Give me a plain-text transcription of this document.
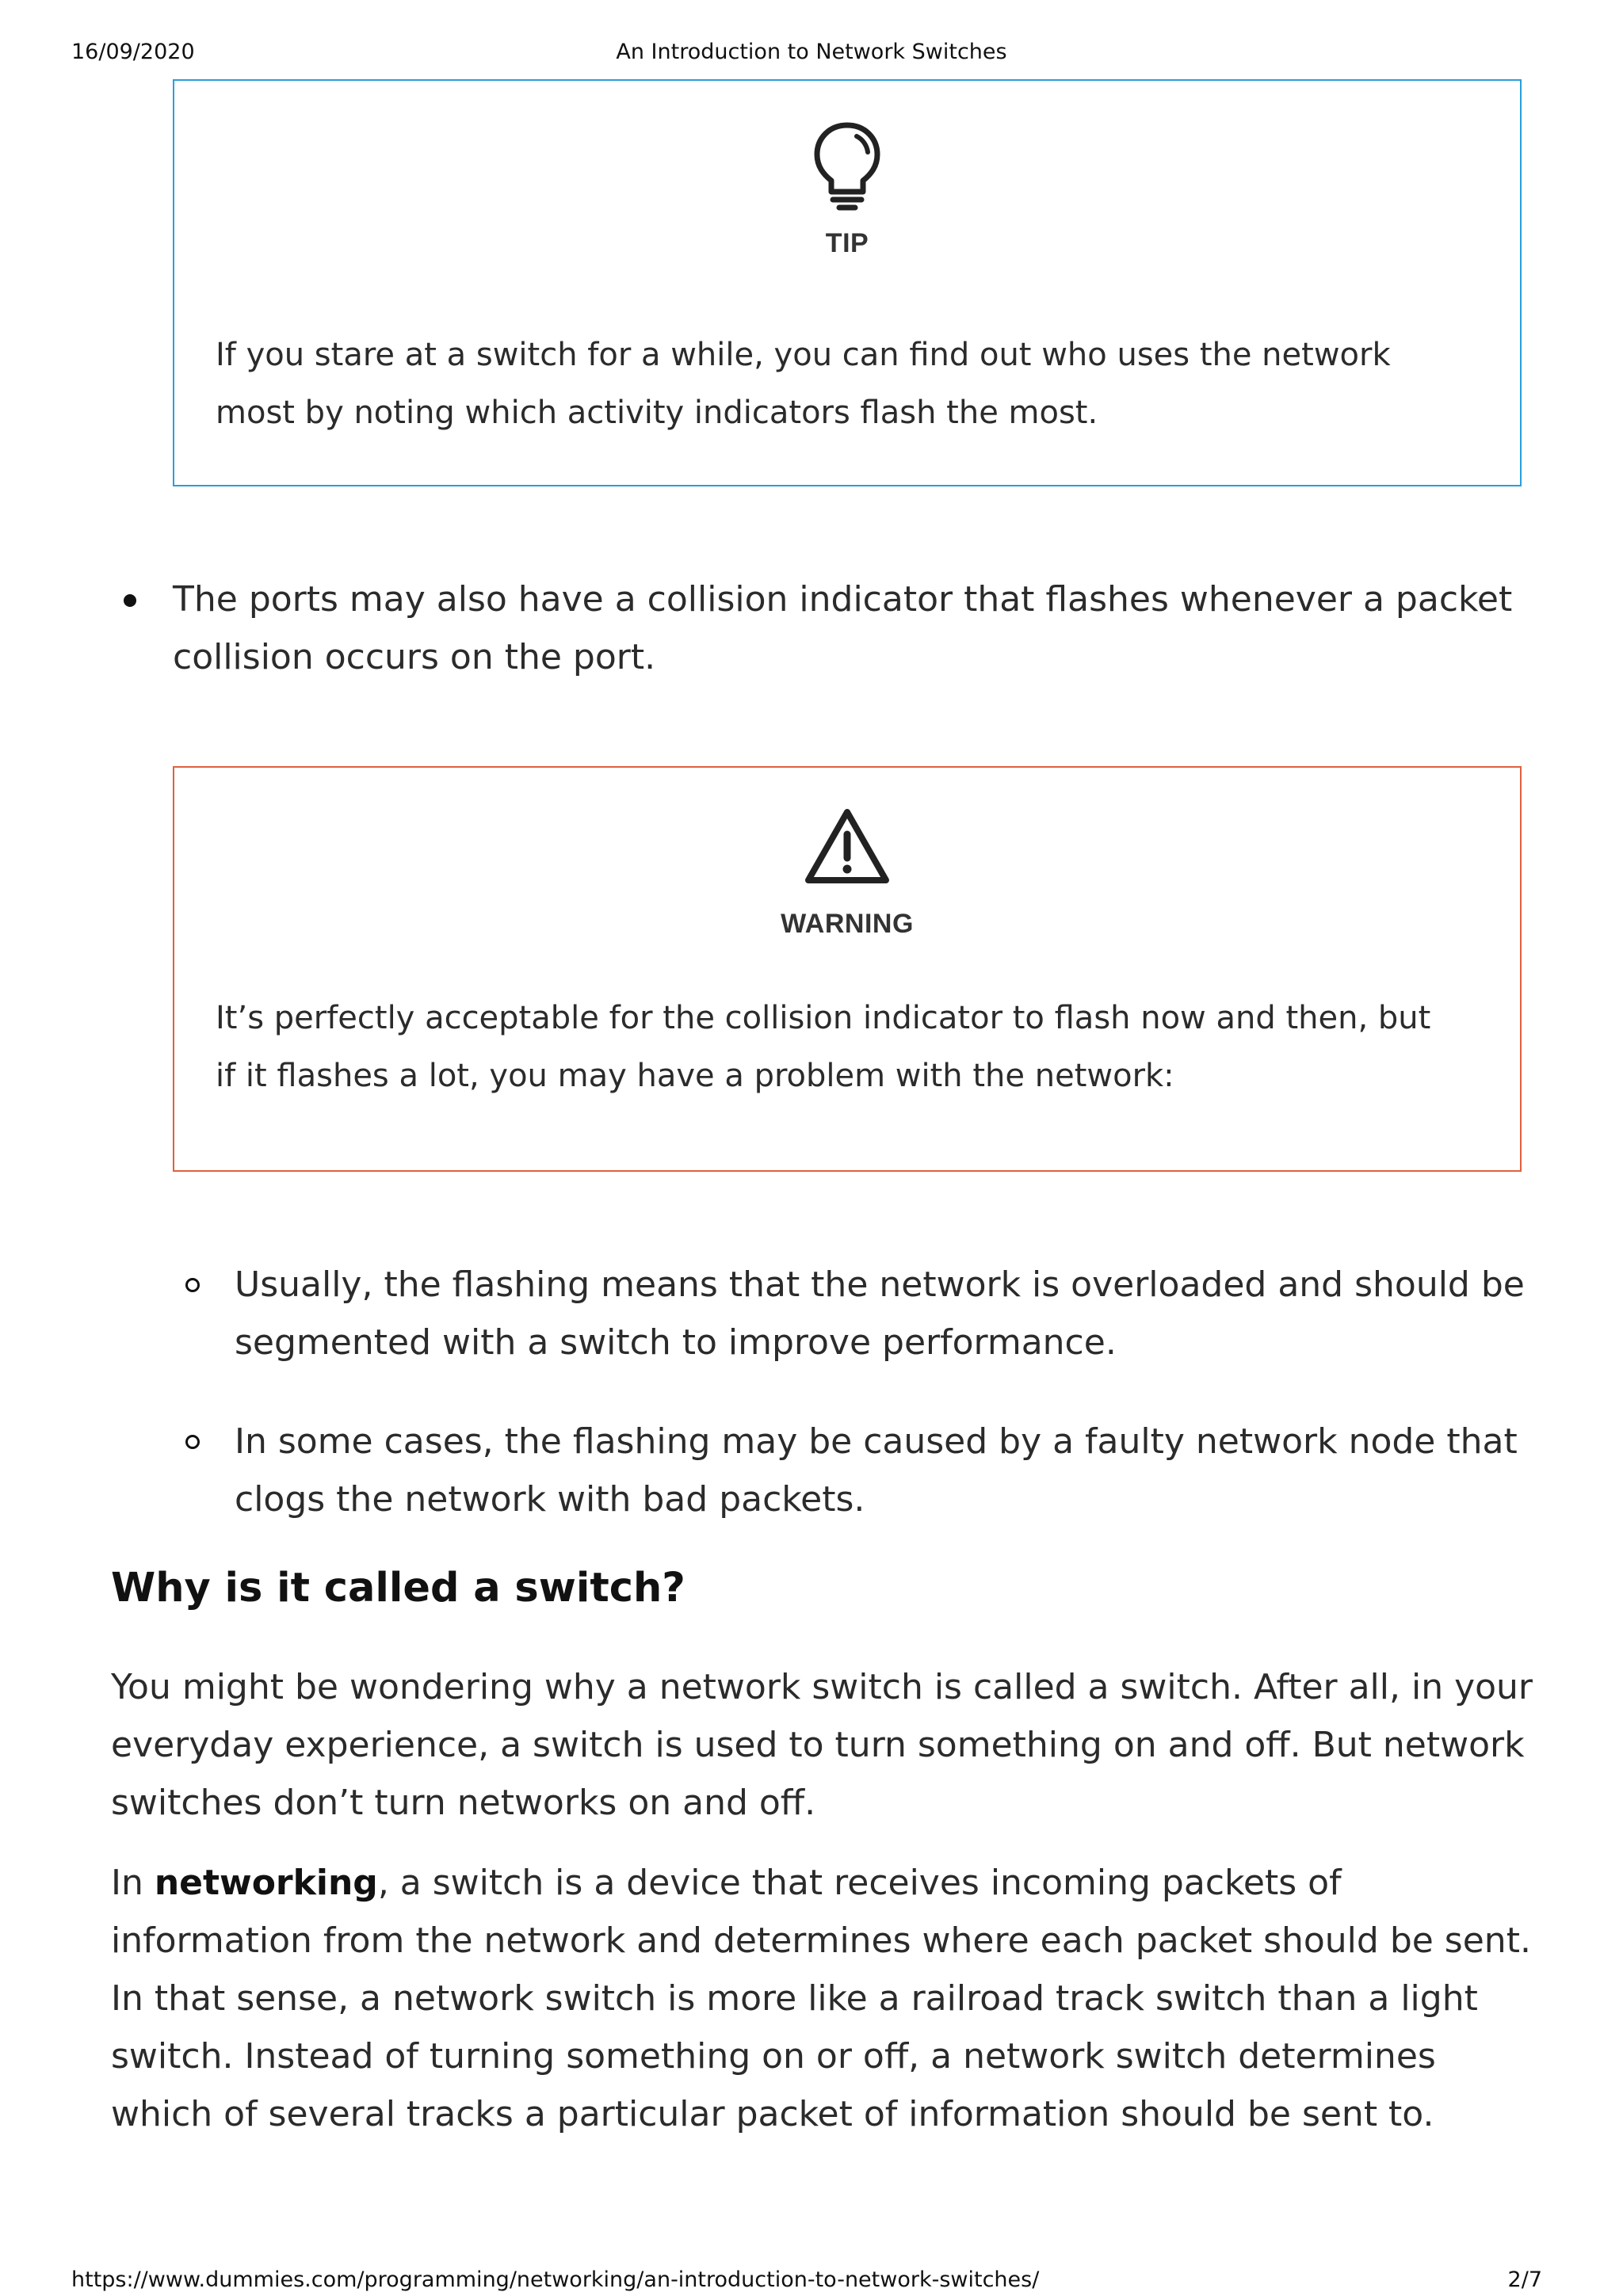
16/09/2020	An Introduction to Network Switches
TIP
If you stare at a switch for a while, you can find out who uses the network most by noting which activity indicators flash the most.
The ports may also have a collision indicator that flashes whenever a packet collision occurs on the port.
WARNING
It’s perfectly acceptable for the collision indicator to flash now and then, but if it flashes a lot, you may have a problem with the network:
Usually, the flashing means that the network is overloaded and should be segmented with a switch to improve performance.
In some cases, the flashing may be caused by a faulty network node that clogs the network with bad packets.
Why is it called a switch?

You might be wondering why a network switch is called a switch. After all, in your everyday experience, a switch is used to turn something on and off. But network switches don’t turn networks on and off.

In networking, a switch is a device that receives incoming packets of information from the network and determines where each packet should be sent. In that sense, a network switch is more like a railroad track switch than a light switch. Instead of turning something on or off, a network switch determines which of several tracks a particular packet of information should be sent to.

https://www.dummies.com/programming/networking/an-introduction-to-network-switches/	2/7
